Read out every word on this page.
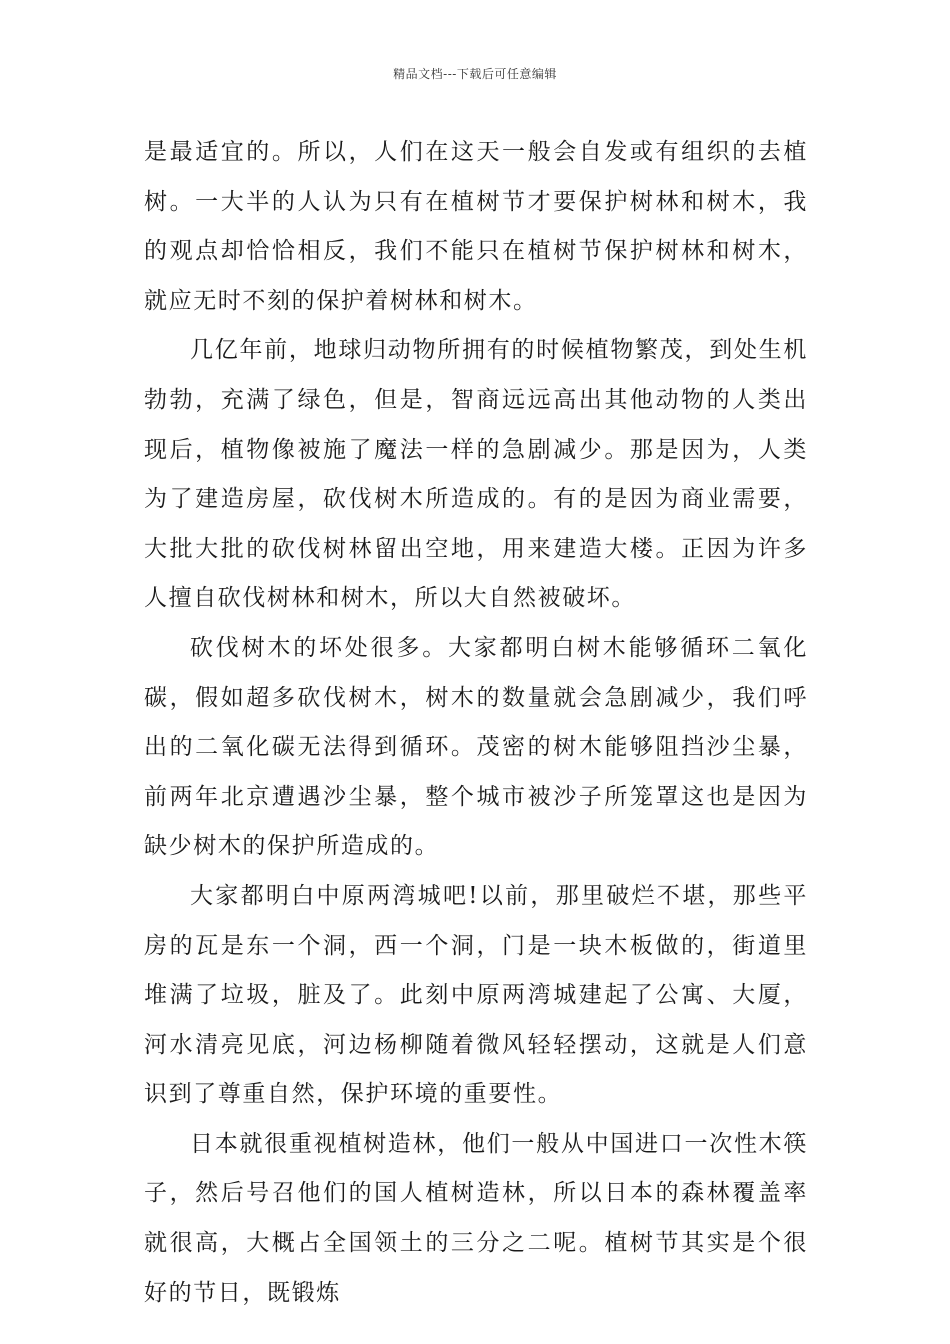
精品文档---下载后可任意编辑

是最适宜的。所以，人们在这天一般会自发或有组织的去植树。一大半的人认为只有在植树节才要保护树林和树木，我的观点却恰恰相反，我们不能只在植树节保护树林和树木，就应无时不刻的保护着树林和树木。

几亿年前，地球归动物所拥有的时候植物繁茂，到处生机勃勃，充满了绿色，但是，智商远远高出其他动物的人类出现后，植物像被施了魔法一样的急剧减少。那是因为，人类为了建造房屋，砍伐树木所造成的。有的是因为商业需要，大批大批的砍伐树林留出空地，用来建造大楼。正因为许多人擅自砍伐树林和树木，所以大自然被破坏。

砍伐树木的坏处很多。大家都明白树木能够循环二氧化碳，假如超多砍伐树木，树木的数量就会急剧减少，我们呼出的二氧化碳无法得到循环。茂密的树木能够阻挡沙尘暴，前两年北京遭遇沙尘暴，整个城市被沙子所笼罩这也是因为缺少树木的保护所造成的。

大家都明白中原两湾城吧!以前，那里破烂不堪，那些平房的瓦是东一个洞，西一个洞，门是一块木板做的，街道里堆满了垃圾，脏及了。此刻中原两湾城建起了公寓、大厦，河水清亮见底，河边杨柳随着微风轻轻摆动，这就是人们意识到了尊重自然，保护环境的重要性。

日本就很重视植树造林，他们一般从中国进口一次性木筷子，然后号召他们的国人植树造林，所以日本的森林覆盖率就很高，大概占全国领土的三分之二呢。植树节其实是个很好的节日，既锻炼
